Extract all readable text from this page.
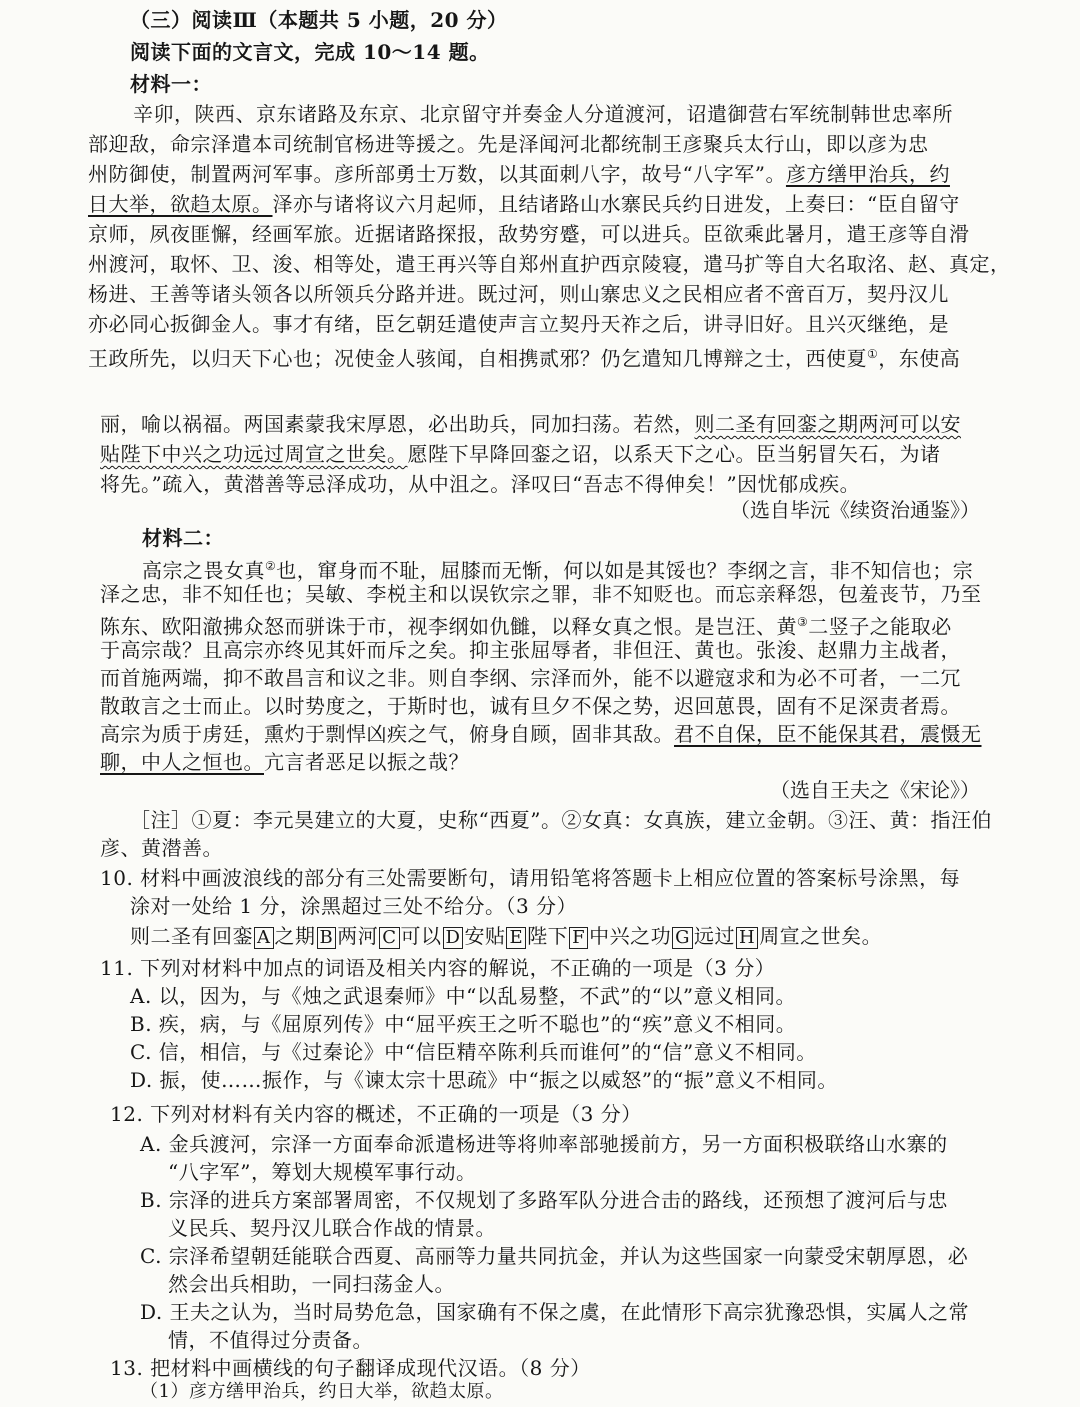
（三）阅读Ⅲ（本题共 5 小题，20 分）
阅读下面的文言文，完成 10～14 题。
材料一：
辛卯，陕西、京东诸路及东京、北京留守并奏金人分道渡河，诏遣御营右军统制韩世忠率所
部迎敌，命宗泽遣本司统制官杨进等援之。先是泽闻河北都统制王彦聚兵太行山，即以彦为忠
州防御使，制置两河军事。彦所部勇士万数，以其面刺八字，故号“八字军”。彦方缮甲治兵，约
日大举，欲趋太原。泽亦与诸将议六月起师，且结诸路山水寨民兵约日进发，上奏曰：“臣自留守
京师，夙夜匪懈，经画军旅。近据诸路探报，敌势穷蹙，可以进兵。臣欲乘此暑月，遣王彦等自滑
州渡河，取怀、卫、浚、相等处，遣王再兴等自郑州直护西京陵寝，遣马扩等自大名取洺、赵、真定，
杨进、王善等诸头领各以所领兵分路并进。既过河，则山寨忠义之民相应者不啻百万，契丹汉儿
亦必同心扳御金人。事才有绪，臣乞朝廷遣使声言立契丹天祚之后，讲寻旧好。且兴灭继绝，是
王政所先，以归天下心也；况使金人骇闻，自相携贰邪？仍乞遣知几博辩之士，西使夏①，东使高
丽，喻以祸福。两国素蒙我宋厚恩，必出助兵，同加扫荡。若然，则二圣有回銮之期两河可以安
贴陛下中兴之功远过周宣之世矣。愿陛下早降回銮之诏，以系天下之心。臣当躬冒矢石，为诸
将先。”疏入，黄潜善等忌泽成功，从中沮之。泽叹曰“吾志不得伸矣！”因忧郁成疾。
（选自毕沅《续资治通鉴》）
材料二：
高宗之畏女真②也，窜身而不耻，屈膝而无惭，何以如是其馁也？李纲之言，非不知信也；宗
泽之忠，非不知任也；吴敏、李棁主和以误钦宗之罪，非不知贬也。而忘亲释怨，包羞丧节，乃至
陈东、欧阳澈拂众怒而骈诛于市，视李纲如仇雠，以释女真之恨。是岂汪、黄③二竖子之能取必
于高宗哉？且高宗亦终见其奸而斥之矣。抑主张屈辱者，非但汪、黄也。张浚、赵鼎力主战者，
而首施两端，抑不敢昌言和议之非。则自李纲、宗泽而外，能不以避寇求和为必不可者，一二冗
散敢言之士而止。以时势度之，于斯时也，诚有旦夕不保之势，迟回葸畏，固有不足深责者焉。
高宗为质于虏廷，熏灼于剽悍凶疾之气，俯身自顾，固非其敌。君不自保，臣不能保其君，震慑无
聊，中人之恒也。亢言者恶足以振之哉？
（选自王夫之《宋论》）
［注］①夏：李元昊建立的大夏，史称“西夏”。②女真：女真族，建立金朝。③汪、黄：指汪伯
彦、黄潜善。
10. 材料中画波浪线的部分有三处需要断句，请用铅笔将答题卡上相应位置的答案标号涂黑，每
涂对一处给 1 分，涂黑超过三处不给分。（3 分）
则二圣有回銮 A 之期 B 两河 C 可以 D 安贴 E 陛下 F 中兴之功 G 远过 H 周宣之世矣。
11. 下列对材料中加点的词语及相关内容的解说，不正确的一项是（3 分）
A. 以，因为，与《烛之武退秦师》中“以乱易整，不武”的“以”意义相同。
B. 疾，病，与《屈原列传》中“屈平疾王之听不聪也”的“疾”意义不相同。
C. 信，相信，与《过秦论》中“信臣精卒陈利兵而谁何”的“信”意义不相同。
D. 振，使……振作，与《谏太宗十思疏》中“振之以威怒”的“振”意义不相同。
12. 下列对材料有关内容的概述，不正确的一项是（3 分）
A. 金兵渡河，宗泽一方面奉命派遣杨进等将帅率部驰援前方，另一方面积极联络山水寨的
“八字军”，筹划大规模军事行动。
B. 宗泽的进兵方案部署周密，不仅规划了多路军队分进合击的路线，还预想了渡河后与忠
义民兵、契丹汉儿联合作战的情景。
C. 宗泽希望朝廷能联合西夏、高丽等力量共同抗金，并认为这些国家一向蒙受宋朝厚恩，必
然会出兵相助，一同扫荡金人。
D. 王夫之认为，当时局势危急，国家确有不保之虞，在此情形下高宗犹豫恐惧，实属人之常
情，不值得过分责备。
13. 把材料中画横线的句子翻译成现代汉语。（8 分）
（1）彦方缮甲治兵，约日大举，欲趋太原。
